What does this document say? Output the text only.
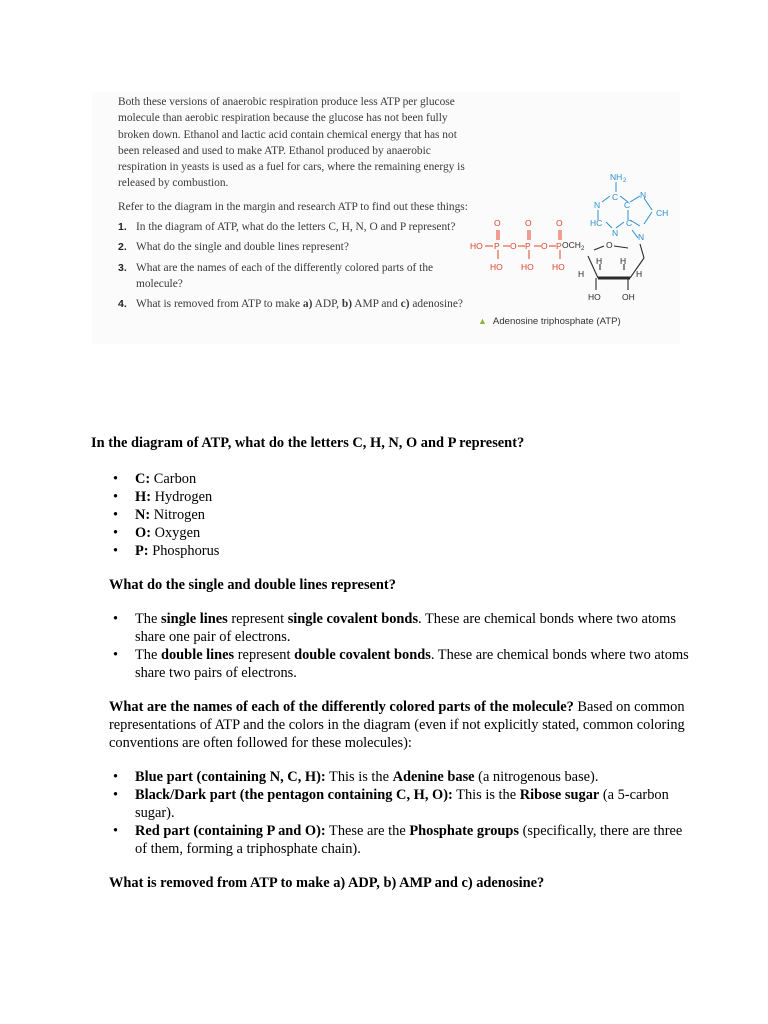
Both these versions of anaerobic respiration produce less ATP per glucose molecule than aerobic respiration because the glucose has not been fully broken down. Ethanol and lactic acid contain chemical energy that has not been released and used to make ATP. Ethanol produced by anaerobic respiration in yeasts is used as a fuel for cars, where the remaining energy is released by combustion.

Refer to the diagram in the margin and research ATP to find out these things:

1. In the diagram of ATP, what do the letters C, H, N, O and P represent?
2. What do the single and double lines represent?
3. What are the names of each of the differently colored parts of the molecule?
4. What is removed from ATP to make a) ADP, b) AMP and c) adenosine?
NH 2
C
N	C
N
CH
HC	C
N N
O
OCH 2
H H
H	H
HO	OH
O	O	O
HO P O P O P
HO HO HO
▲ Adenosine triphosphate (ATP)

In the diagram of ATP, what do the letters C, H, N, O and P represent?

• C: Carbon
• H: Hydrogen
• N: Nitrogen
• O: Oxygen
• P: Phosphorus

What do the single and double lines represent?

• The single lines represent single covalent bonds. These are chemical bonds where two atoms share one pair of electrons.
• The double lines represent double covalent bonds. These are chemical bonds where two atoms share two pairs of electrons.

What are the names of each of the differently colored parts of the molecule? Based on common representations of ATP and the colors in the diagram (even if not explicitly stated, common coloring conventions are often followed for these molecules):

• Blue part (containing N, C, H): This is the Adenine base (a nitrogenous base).
• Black/Dark part (the pentagon containing C, H, O): This is the Ribose sugar (a 5-carbon sugar).
• Red part (containing P and O): These are the Phosphate groups (specifically, there are three of them, forming a triphosphate chain).

What is removed from ATP to make a) ADP, b) AMP and c) adenosine?
